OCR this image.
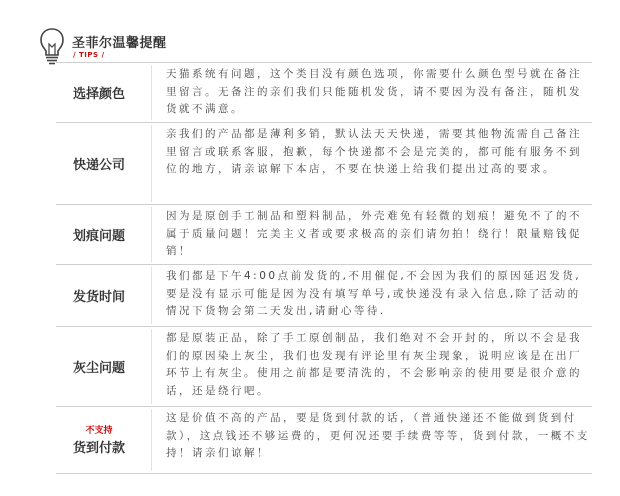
圣菲尔温馨提醒
/ TIPS /
选择颜色
天猫系统有问题，这个类目没有颜色选项，你需要什么颜色型号就在备注里留言。无备注的亲们我们只能随机发货，请不要因为没有备注，随机发货就不满意。
快递公司
亲我们的产品都是薄利多销，默认法天天快递，需要其他物流需自己备注里留言或联系客服，抱歉，每个快递都不会是完美的，都可能有服务不到位的地方，请亲谅解下本店，不要在快递上给我们提出过高的要求。
划痕问题
因为是原创手工制品和塑料制品，外壳难免有轻微的划痕！避免不了的不属于质量问题！完美主义者或要求极高的亲们请勿拍！绕行！限量赔钱促销！
发货时间
我们都是下午4:00点前发货的,不用催促,不会因为我们的原因延迟发货,要是没有显示可能是因为没有填写单号,或快递没有录入信息,除了活动的情况下货物会第二天发出,请耐心等待.
灰尘问题
都是原装正品，除了手工原创制品，我们绝对不会开封的，所以不会是我们的原因染上灰尘，我们也发现有评论里有灰尘现象，说明应该是在出厂环节上有灰尘。使用之前都是要清洗的，不会影响亲的使用要是很介意的话，还是绕行吧。
不支持
货到付款
这是价值不高的产品，要是货到付款的话，（普通快递还不能做到货到付款），这点钱还不够运费的，更何况还要手续费等等，货到付款，一概不支持！请亲们谅解！
